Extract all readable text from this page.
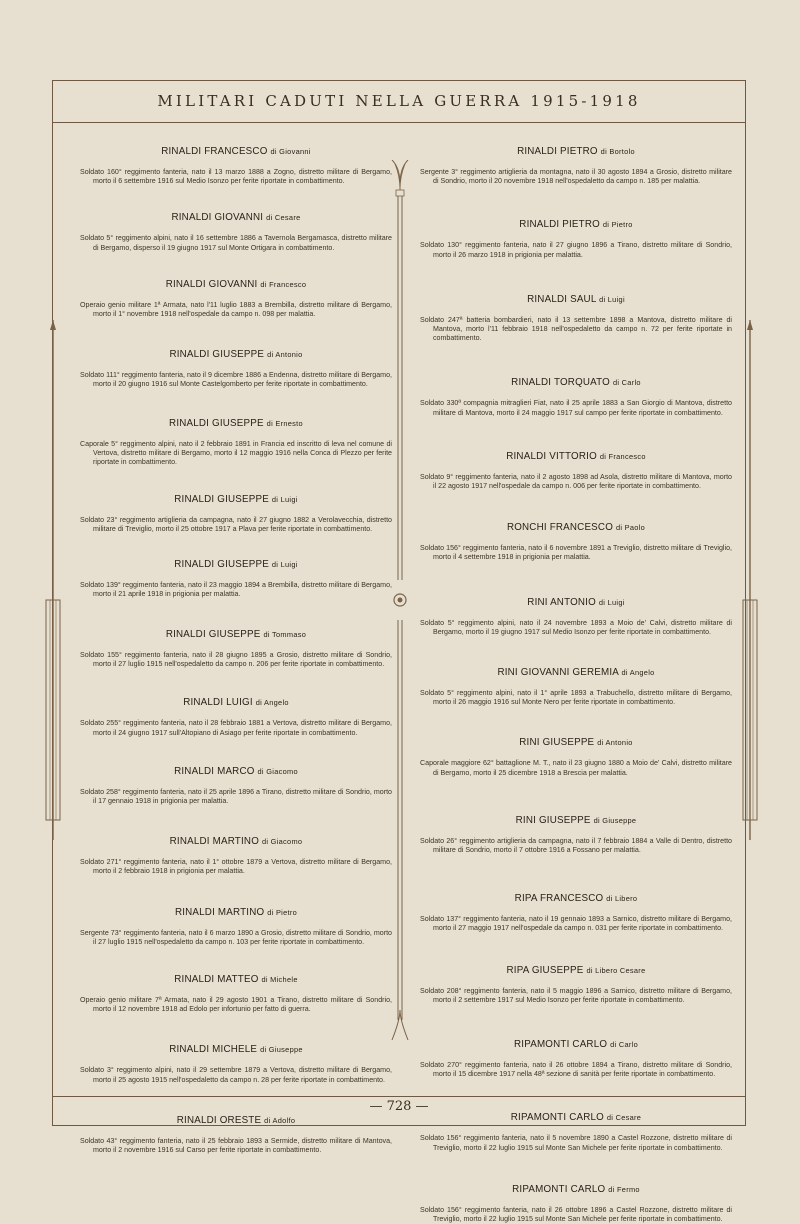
MILITARI CADUTI NELLA GUERRA 1915-1918
RINALDI FRANCESCO di Giovanni

Soldato 160° reggimento fanteria, nato il 13 marzo 1888 a Zogno, distretto militare di Bergamo, morto il 6 settembre 1916 sul Medio Isonzo per ferite riportate in combattimento.

RINALDI GIOVANNI di Cesare

Soldato 5° reggimento alpini, nato il 16 settembre 1886 a Tavernola Bergamasca, distretto militare di Bergamo, disperso il 19 giugno 1917 sul Monte Ortigara in combattimento.

RINALDI GIOVANNI di Francesco

Operaio genio militare 1ª Armata, nato l'11 luglio 1883 a Brembilla, distretto militare di Bergamo, morto il 1° novembre 1918 nell'ospedale da campo n. 098 per malattia.

RINALDI GIUSEPPE di Antonio

Soldato 111° reggimento fanteria, nato il 9 dicembre 1886 a Endenna, distretto militare di Bergamo, morto il 20 giugno 1916 sul Monte Castelgomberto per ferite riportate in combattimento.

RINALDI GIUSEPPE di Ernesto

Caporale 5° reggimento alpini, nato il 2 febbraio 1891 in Francia ed inscritto di leva nel comune di Vertova, distretto militare di Bergamo, morto il 12 maggio 1916 nella Conca di Plezzo per ferite riportate in combattimento.

RINALDI GIUSEPPE di Luigi

Soldato 23° reggimento artiglieria da campagna, nato il 27 giugno 1882 a Verolavecchia, distretto militare di Treviglio, morto il 25 ottobre 1917 a Plava per ferite riportate in combattimento.

RINALDI GIUSEPPE di Luigi

Soldato 139° reggimento fanteria, nato il 23 maggio 1894 a Brembilla, distretto militare di Bergamo, morto il 21 aprile 1918 in prigionia per malattia.

RINALDI GIUSEPPE di Tommaso

Soldato 155° reggimento fanteria, nato il 28 giugno 1895 a Grosio, distretto militare di Sondrio, morto il 27 luglio 1915 nell'ospedaletto da campo n. 206 per ferite riportate in combattimento.

RINALDI LUIGI di Angelo

Soldato 255° reggimento fanteria, nato il 28 febbraio 1881 a Vertova, distretto militare di Bergamo, morto il 24 giugno 1917 sull'Altopiano di Asiago per ferite riportate in combattimento.

RINALDI MARCO di Giacomo

Soldato 258° reggimento fanteria, nato il 25 aprile 1896 a Tirano, distretto militare di Sondrio, morto il 17 gennaio 1918 in prigionia per malattia.

RINALDI MARTINO di Giacomo

Soldato 271° reggimento fanteria, nato il 1° ottobre 1879 a Vertova, distretto militare di Bergamo, morto il 2 febbraio 1918 in prigionia per malattia.

RINALDI MARTINO di Pietro

Sergente 73° reggimento fanteria, nato il 6 marzo 1890 a Grosio, distretto militare di Sondrio, morto il 27 luglio 1915 nell'ospedaletto da campo n. 103 per ferite riportate in combattimento.

RINALDI MATTEO di Michele

Operaio genio militare 7ª Armata, nato il 29 agosto 1901 a Tirano, distretto militare di Sondrio, morto il 12 novembre 1918 ad Edolo per infortunio per fatto di guerra.

RINALDI MICHELE di Giuseppe

Soldato 3° reggimento alpini, nato il 29 settembre 1879 a Vertova, distretto militare di Bergamo, morto il 25 agosto 1915 nell'ospedaletto da campo n. 28 per ferite riportate in combattimento.

RINALDI ORESTE di Adolfo

Soldato 43° reggimento fanteria, nato il 25 febbraio 1893 a Sermide, distretto militare di Mantova, morto il 2 novembre 1916 sul Carso per ferite riportate in combattimento.

RINALDI PIETRO di Bortolo

Sergente 3° reggimento artiglieria da montagna, nato il 30 agosto 1894 a Grosio, distretto militare di Sondrio, morto il 20 novembre 1918 nell'ospedaletto da campo n. 185 per malattia.

RINALDI PIETRO di Pietro

Soldato 130° reggimento fanteria, nato il 27 giugno 1896 a Tirano, distretto militare di Sondrio, morto il 26 marzo 1918 in prigionia per malattia.

RINALDI SAUL di Luigi

Soldato 247ª batteria bombardieri, nato il 13 settembre 1898 a Mantova, distretto militare di Mantova, morto l'11 febbraio 1918 nell'ospedaletto da campo n. 72 per ferite riportate in combattimento.

RINALDI TORQUATO di Carlo

Soldato 330ª compagnia mitraglieri Fiat, nato il 25 aprile 1883 a San Giorgio di Mantova, distretto militare di Mantova, morto il 24 maggio 1917 sul campo per ferite riportate in combattimento.

RINALDI VITTORIO di Francesco

Soldato 9° reggimento fanteria, nato il 2 agosto 1898 ad Asola, distretto militare di Mantova, morto il 22 agosto 1917 nell'ospedale da campo n. 006 per ferite riportate in combattimento.

RONCHI FRANCESCO di Paolo

Soldato 156° reggimento fanteria, nato il 6 novembre 1891 a Treviglio, distretto militare di Treviglio, morto il 4 settembre 1918 in prigionia per malattia.

RINI ANTONIO di Luigi

Soldato 5° reggimento alpini, nato il 24 novembre 1893 a Moio de' Calvi, distretto militare di Bergamo, morto il 19 giugno 1917 sul Medio Isonzo per ferite riportate in combattimento.

RINI GIOVANNI GEREMIA di Angelo

Soldato 5° reggimento alpini, nato il 1° aprile 1893 a Trabuchello, distretto militare di Bergamo, morto il 26 maggio 1916 sul Monte Nero per ferite riportate in combattimento.

RINI GIUSEPPE di Antonio

Caporale maggiore 62° battaglione M. T., nato il 23 giugno 1880 a Moio de' Calvi, distretto militare di Bergamo, morto il 25 dicembre 1918 a Brescia per malattia.

RINI GIUSEPPE di Giuseppe

Soldato 26° reggimento artiglieria da campagna, nato il 7 febbraio 1884 a Valle di Dentro, distretto militare di Sondrio, morto il 7 ottobre 1916 a Fossano per malattia.

RIPA FRANCESCO di Libero

Soldato 137° reggimento fanteria, nato il 19 gennaio 1893 a Sarnico, distretto militare di Bergamo, morto il 27 maggio 1917 nell'ospedale da campo n. 031 per ferite riportate in combattimento.

RIPA GIUSEPPE di Libero Cesare

Soldato 208° reggimento fanteria, nato il 5 maggio 1896 a Sarnico, distretto militare di Bergamo, morto il 2 settembre 1917 sul Medio Isonzo per ferite riportate in combattimento.

RIPAMONTI CARLO di Carlo

Soldato 270° reggimento fanteria, nato il 26 ottobre 1894 a Tirano, distretto militare di Sondrio, morto il 15 dicembre 1917 nella 48ª sezione di sanità per ferite riportate in combattimento.

RIPAMONTI CARLO di Cesare

Soldato 156° reggimento fanteria, nato il 5 novembre 1890 a Castel Rozzone, distretto militare di Treviglio, morto il 22 luglio 1915 sul Monte San Michele per ferite riportate in combattimento.

RIPAMONTI CARLO di Fermo

Soldato 156° reggimento fanteria, nato il 26 ottobre 1896 a Castel Rozzone, distretto militare di Treviglio, morto il 22 luglio 1915 sul Monte San Michele per ferite riportate in combattimento.

— 728 —
